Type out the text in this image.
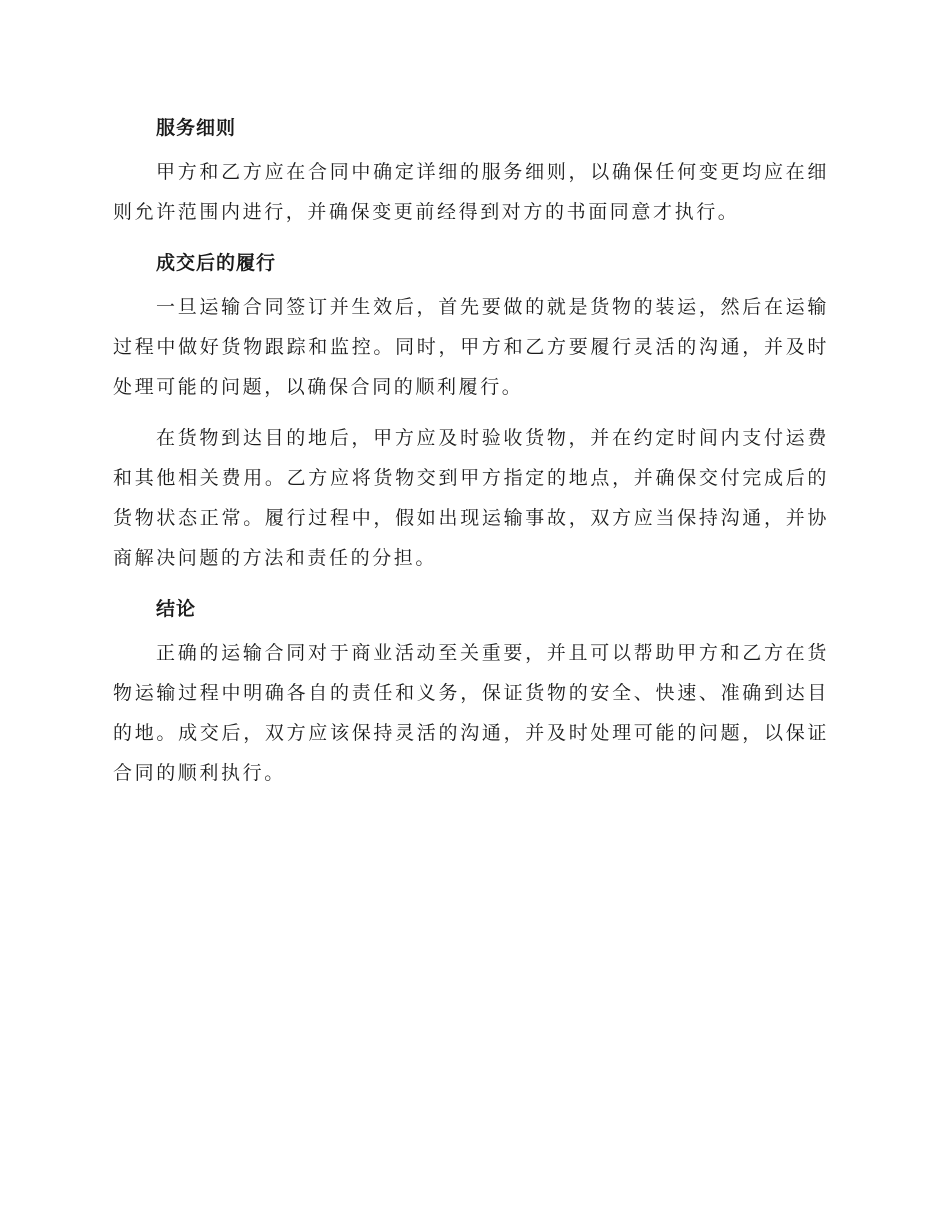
服务细则

甲方和乙方应在合同中确定详细的服务细则，以确保任何变更均应在细则允许范围内进行，并确保变更前经得到对方的书面同意才执行。

成交后的履行

一旦运输合同签订并生效后，首先要做的就是货物的装运，然后在运输过程中做好货物跟踪和监控。同时，甲方和乙方要履行灵活的沟通，并及时处理可能的问题，以确保合同的顺利履行。

在货物到达目的地后，甲方应及时验收货物，并在约定时间内支付运费和其他相关费用。乙方应将货物交到甲方指定的地点，并确保交付完成后的货物状态正常。履行过程中，假如出现运输事故，双方应当保持沟通，并协商解决问题的方法和责任的分担。

结论

正确的运输合同对于商业活动至关重要，并且可以帮助甲方和乙方在货物运输过程中明确各自的责任和义务，保证货物的安全、快速、准确到达目的地。成交后，双方应该保持灵活的沟通，并及时处理可能的问题，以保证合同的顺利执行。
